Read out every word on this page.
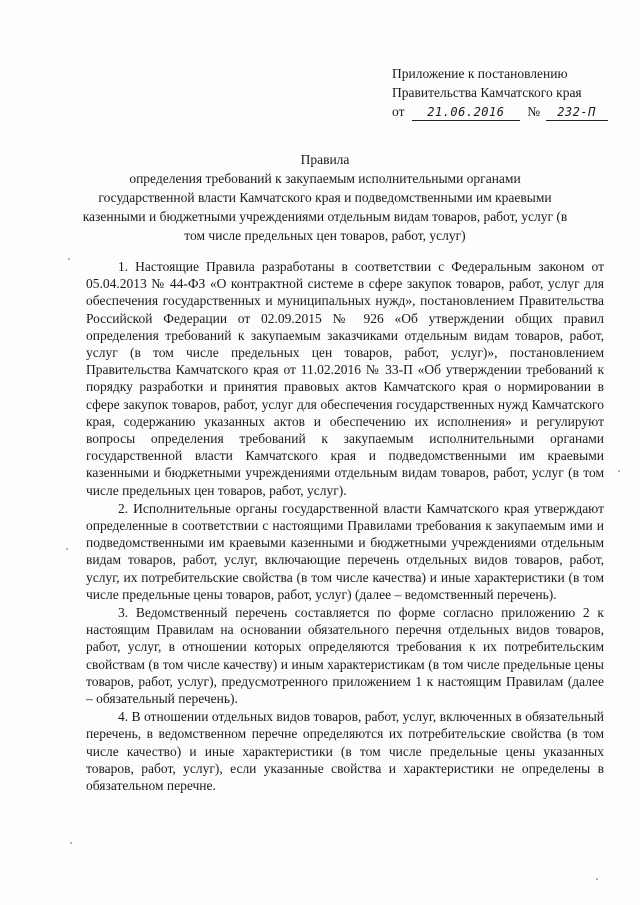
Приложение к постановлению
Правительства Камчатского края
от 21.06.2016 № 232-П
Правила
определения требований к закупаемым исполнительными органами государственной власти Камчатского края и подведомственными им краевыми казенными и бюджетными учреждениями отдельным видам товаров, работ, услуг (в том числе предельных цен товаров, работ, услуг)

1. Настоящие Правила разработаны в соответствии с Федеральным законом от 05.04.2013 № 44-ФЗ «О контрактной системе в сфере закупок товаров, работ, услуг для обеспечения государственных и муниципальных нужд», постановлением Правительства Российской Федерации от 02.09.2015 № 926 «Об утверждении общих правил определения требований к закупаемым заказчиками отдельным видам товаров, работ, услуг (в том числе предельных цен товаров, работ, услуг)», постановлением Правительства Камчатского края от 11.02.2016 № 33-П «Об утверждении требований к порядку разработки и принятия правовых актов Камчатского края о нормировании в сфере закупок товаров, работ, услуг для обеспечения государственных нужд Камчатского края, содержанию указанных актов и обеспечению их исполнения» и регулируют вопросы определения требований к закупаемым исполнительными органами государственной власти Камчатского края и подведомственными им краевыми казенными и бюджетными учреждениями отдельным видам товаров, работ, услуг (в том числе предельных цен товаров, работ, услуг).

2. Исполнительные органы государственной власти Камчатского края утверждают определенные в соответствии с настоящими Правилами требования к закупаемым ими и подведомственными им краевыми казенными и бюджетными учреждениями отдельным видам товаров, работ, услуг, включающие перечень отдельных видов товаров, работ, услуг, их потребительские свойства (в том числе качества) и иные характеристики (в том числе предельные цены товаров, работ, услуг) (далее – ведомственный перечень).

3. Ведомственный перечень составляется по форме согласно приложению 2 к настоящим Правилам на основании обязательного перечня отдельных видов товаров, работ, услуг, в отношении которых определяются требования к их потребительским свойствам (в том числе качеству) и иным характеристикам (в том числе предельные цены товаров, работ, услуг), предусмотренного приложением 1 к настоящим Правилам (далее – обязательный перечень).

4. В отношении отдельных видов товаров, работ, услуг, включенных в обязательный перечень, в ведомственном перечне определяются их потребительские свойства (в том числе качество) и иные характеристики (в том числе предельные цены указанных товаров, работ, услуг), если указанные свойства и характеристики не определены в обязательном перечне.
